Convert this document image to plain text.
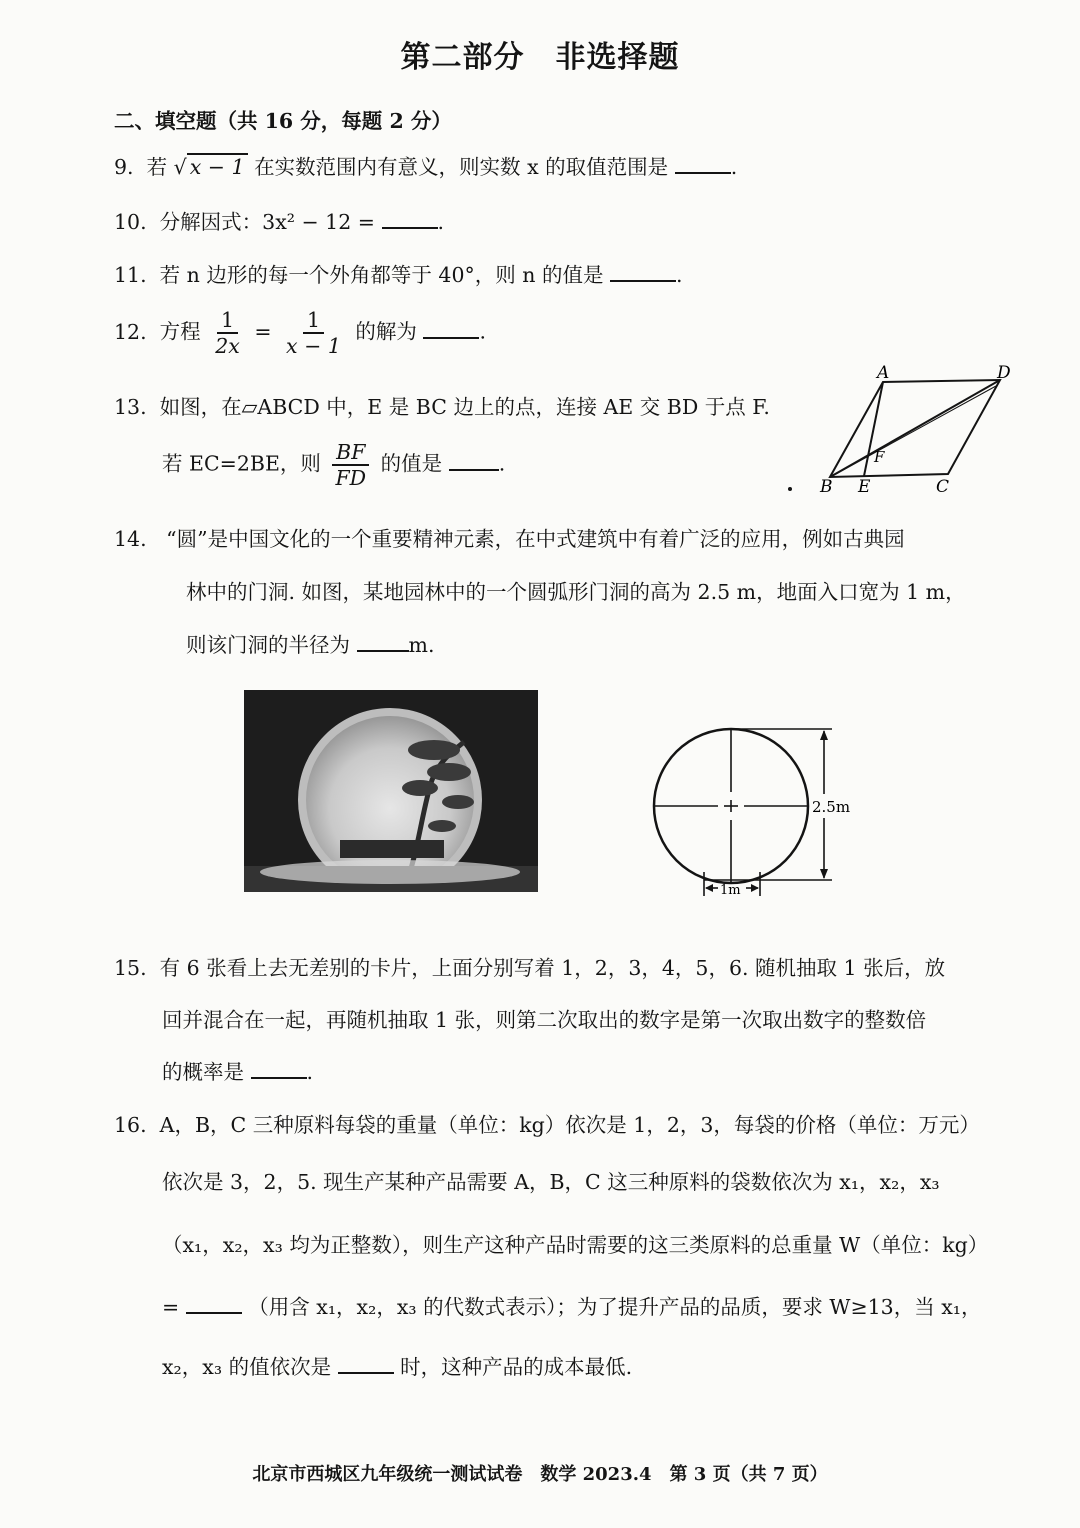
第二部分　非选择题
二、填空题（共 16 分，每题 2 分）
9. 若 √ x − 1 在实数范围内有意义，则实数 x 的取值范围是	.
10. 分解因式：3x² − 12 =	.
11. 若 n 边形的每一个外角都等于 40°，则 n 的值是	.
12. 方程 $\frac{1}{2x} = \frac{1}{x - 1}$ 的解为	.
13. 如图，在▱ABCD 中，E 是 BC 边上的点，连接 AE 交 BD 于点 F.
若 EC=2BE，则 $\frac{BF}{FD}$ 的值是	.
A	D
B E	C
F
14. “圆”是中国文化的一个重要精神元素，在中式建筑中有着广泛的应用，例如古典园
林中的门洞. 如图，某地园林中的一个圆弧形门洞的高为 2.5 m，地面入口宽为 1 m，
则该门洞的半径为	m.
2.5m
1m
15. 有 6 张看上去无差别的卡片，上面分别写着 1，2，3，4，5，6. 随机抽取 1 张后，放
回并混合在一起，再随机抽取 1 张，则第二次取出的数字是第一次取出数字的整数倍
的概率是	.
16. A，B，C 三种原料每袋的重量（单位：kg）依次是 1，2，3，每袋的价格（单位：万元）
依次是 3，2，5. 现生产某种产品需要 A，B，C 这三种原料的袋数依次为 x₁，x₂，x₃
（x₁，x₂，x₃ 均为正整数），则生产这种产品时需要的这三类原料的总重量 W（单位：kg）
=	（用含 x₁，x₂，x₃ 的代数式表示）；为了提升产品的品质，要求 W≥13，当 x₁，
x₂，x₃ 的值依次是	时，这种产品的成本最低.
北京市西城区九年级统一测试试卷　数学 2023.4　第 3 页（共 7 页）
